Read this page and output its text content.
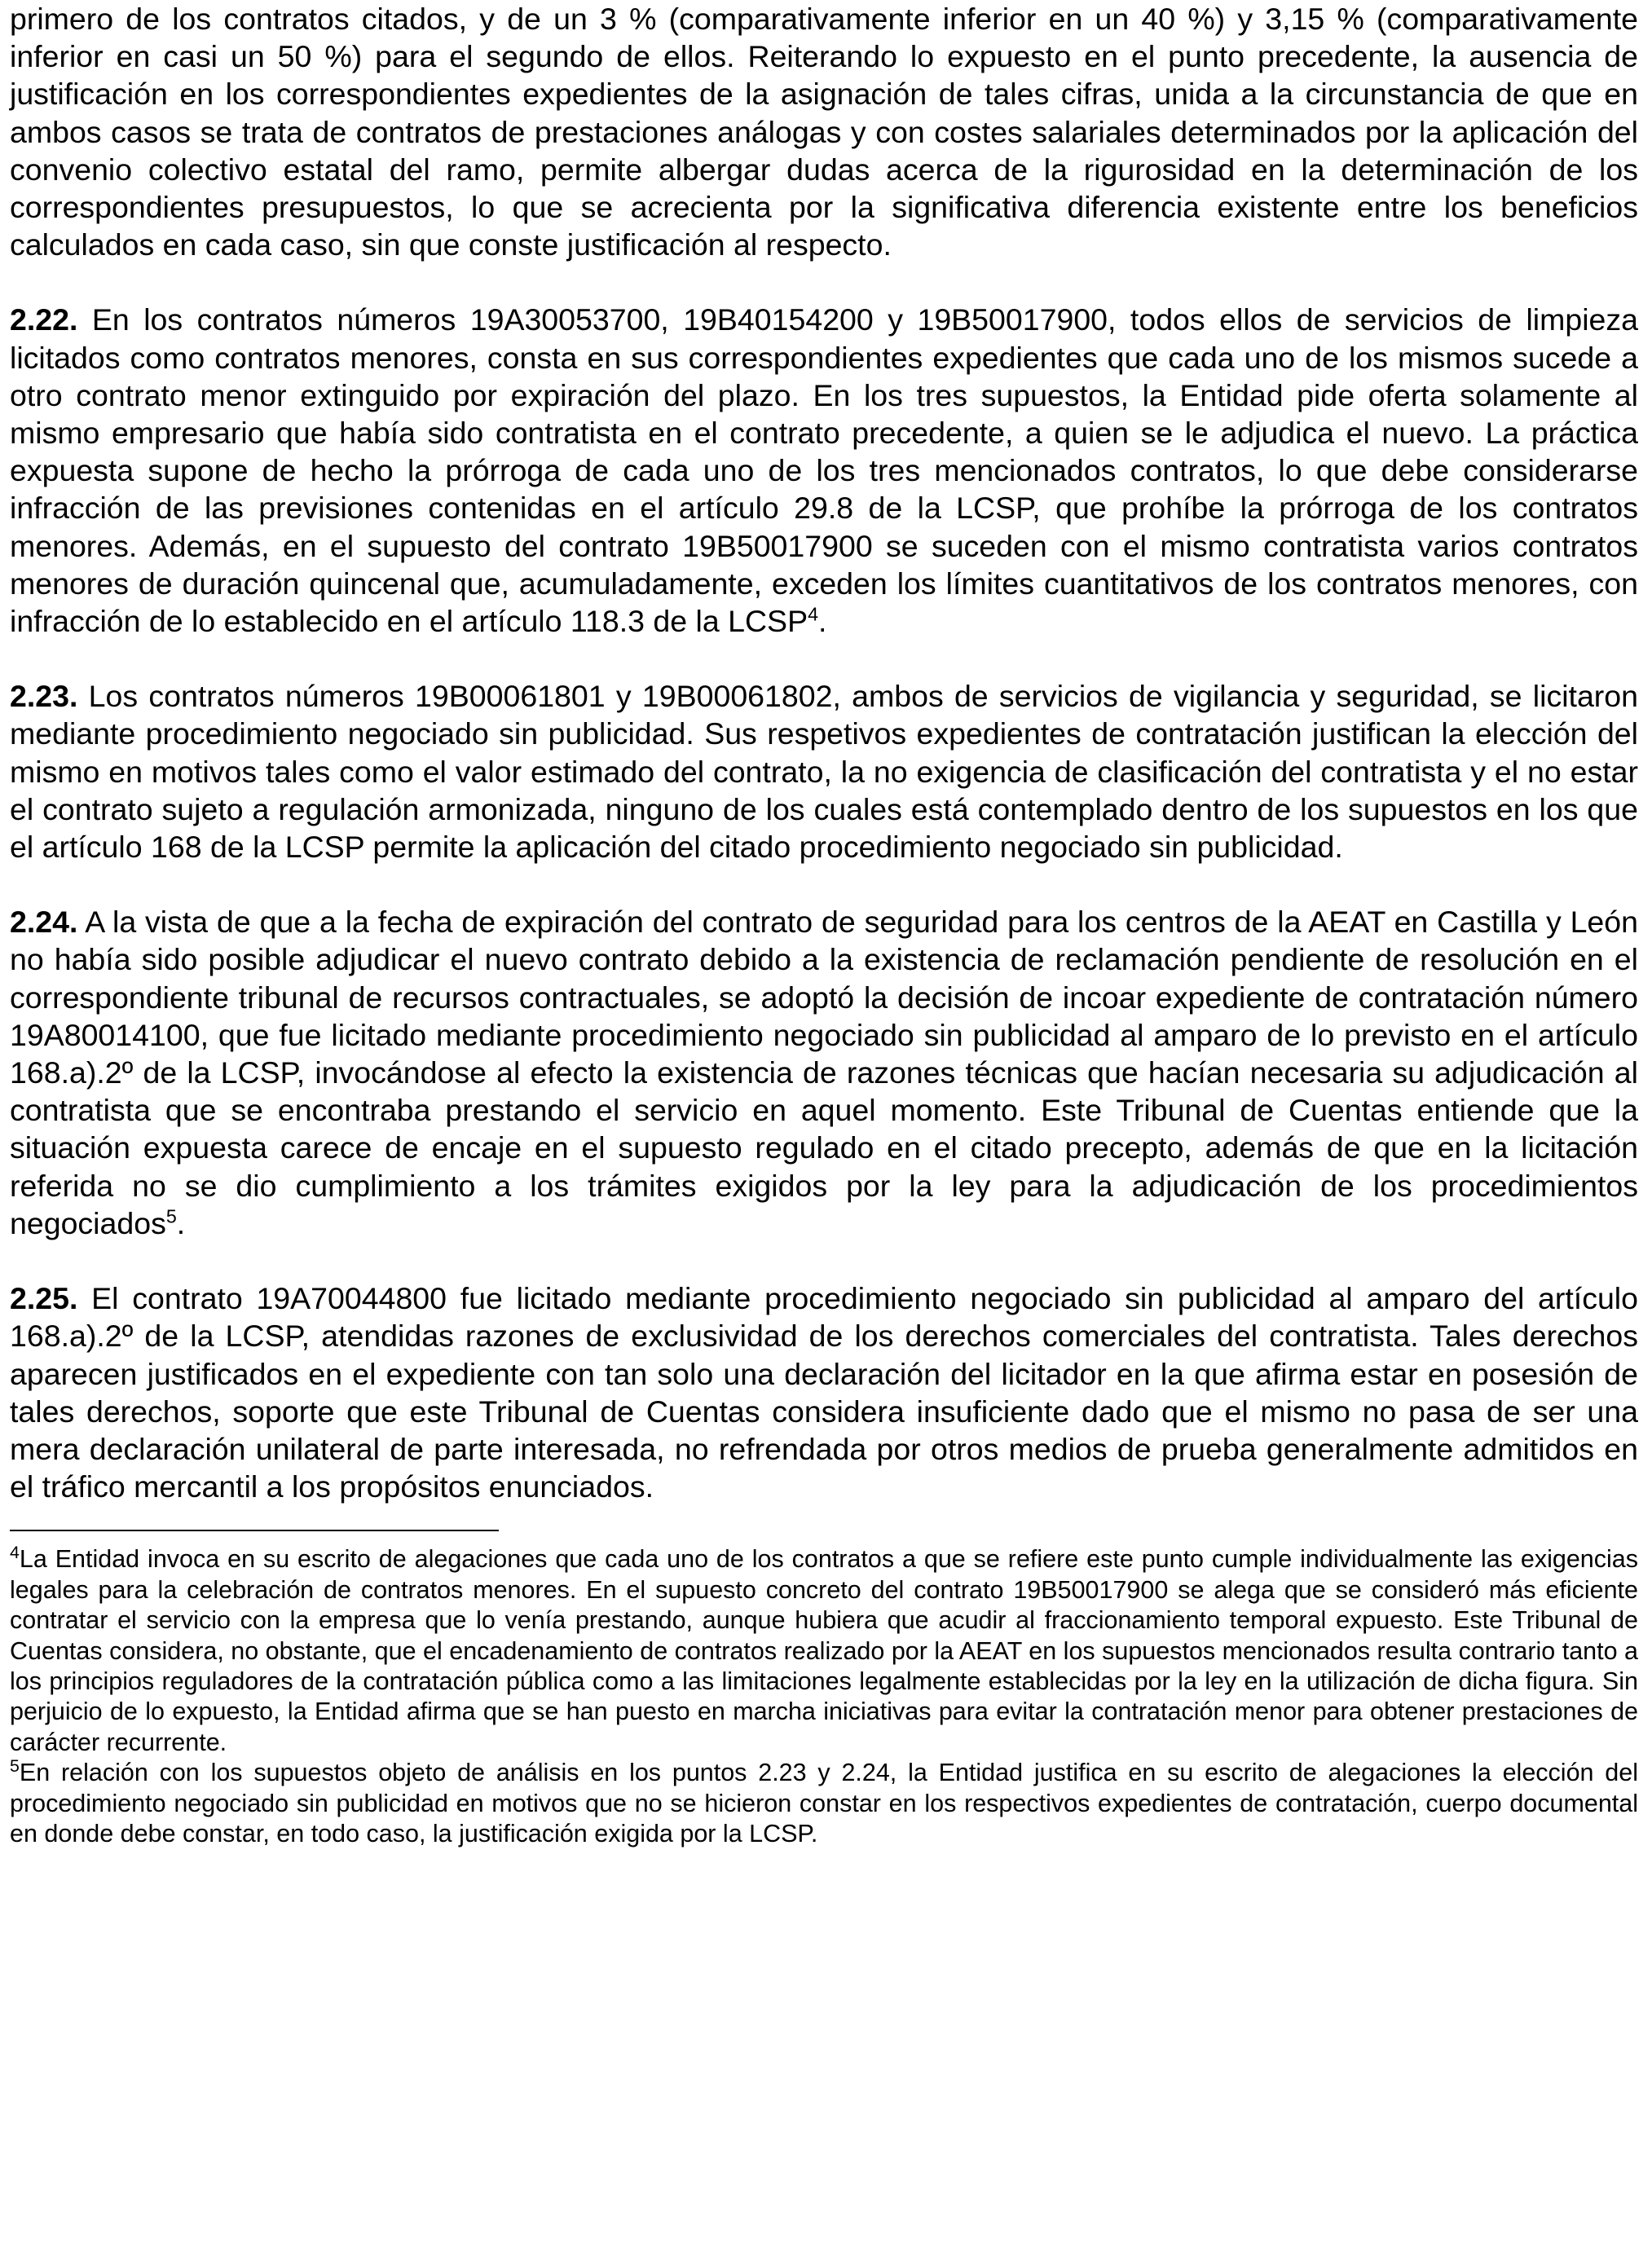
primero de los contratos citados, y de un 3 % (comparativamente inferior en un 40 %) y 3,15 % (comparativamente inferior en casi un 50 %) para el segundo de ellos. Reiterando lo expuesto en el punto precedente, la ausencia de justificación en los correspondientes expedientes de la asignación de tales cifras, unida a la circunstancia de que en ambos casos se trata de contratos de prestaciones análogas y con costes salariales determinados por la aplicación del convenio colectivo estatal del ramo, permite albergar dudas acerca de la rigurosidad en la determinación de los correspondientes presupuestos, lo que se acrecienta por la significativa diferencia existente entre los beneficios calculados en cada caso, sin que conste justificación al respecto.

2.22. En los contratos números 19A30053700, 19B40154200 y 19B50017900, todos ellos de servicios de limpieza licitados como contratos menores, consta en sus correspondientes expedientes que cada uno de los mismos sucede a otro contrato menor extinguido por expiración del plazo. En los tres supuestos, la Entidad pide oferta solamente al mismo empresario que había sido contratista en el contrato precedente, a quien se le adjudica el nuevo. La práctica expuesta supone de hecho la prórroga de cada uno de los tres mencionados contratos, lo que debe considerarse infracción de las previsiones contenidas en el artículo 29.8 de la LCSP, que prohíbe la prórroga de los contratos menores. Además, en el supuesto del contrato 19B50017900 se suceden con el mismo contratista varios contratos menores de duración quincenal que, acumuladamente, exceden los límites cuantitativos de los contratos menores, con infracción de lo establecido en el artículo 118.3 de la LCSP$^4$.

2.23. Los contratos números 19B00061801 y 19B00061802, ambos de servicios de vigilancia y seguridad, se licitaron mediante procedimiento negociado sin publicidad. Sus respetivos expedientes de contratación justifican la elección del mismo en motivos tales como el valor estimado del contrato, la no exigencia de clasificación del contratista y el no estar el contrato sujeto a regulación armonizada, ninguno de los cuales está contemplado dentro de los supuestos en los que el artículo 168 de la LCSP permite la aplicación del citado procedimiento negociado sin publicidad.

2.24. A la vista de que a la fecha de expiración del contrato de seguridad para los centros de la AEAT en Castilla y León no había sido posible adjudicar el nuevo contrato debido a la existencia de reclamación pendiente de resolución en el correspondiente tribunal de recursos contractuales, se adoptó la decisión de incoar expediente de contratación número 19A80014100, que fue licitado mediante procedimiento negociado sin publicidad al amparo de lo previsto en el artículo 168.a).2º de la LCSP, invocándose al efecto la existencia de razones técnicas que hacían necesaria su adjudicación al contratista que se encontraba prestando el servicio en aquel momento. Este Tribunal de Cuentas entiende que la situación expuesta carece de encaje en el supuesto regulado en el citado precepto, además de que en la licitación referida no se dio cumplimiento a los trámites exigidos por la ley para la adjudicación de los procedimientos negociados$^5$.

2.25. El contrato 19A70044800 fue licitado mediante procedimiento negociado sin publicidad al amparo del artículo 168.a).2º de la LCSP, atendidas razones de exclusividad de los derechos comerciales del contratista. Tales derechos aparecen justificados en el expediente con tan solo una declaración del licitador en la que afirma estar en posesión de tales derechos, soporte que este Tribunal de Cuentas considera insuficiente dado que el mismo no pasa de ser una mera declaración unilateral de parte interesada, no refrendada por otros medios de prueba generalmente admitidos en el tráfico mercantil a los propósitos enunciados.

$^4$La Entidad invoca en su escrito de alegaciones que cada uno de los contratos a que se refiere este punto cumple individualmente las exigencias legales para la celebración de contratos menores. En el supuesto concreto del contrato 19B50017900 se alega que se consideró más eficiente contratar el servicio con la empresa que lo venía prestando, aunque hubiera que acudir al fraccionamiento temporal expuesto. Este Tribunal de Cuentas considera, no obstante, que el encadenamiento de contratos realizado por la AEAT en los supuestos mencionados resulta contrario tanto a los principios reguladores de la contratación pública como a las limitaciones legalmente establecidas por la ley en la utilización de dicha figura. Sin perjuicio de lo expuesto, la Entidad afirma que se han puesto en marcha iniciativas para evitar la contratación menor para obtener prestaciones de carácter recurrente.

$^5$En relación con los supuestos objeto de análisis en los puntos 2.23 y 2.24, la Entidad justifica en su escrito de alegaciones la elección del procedimiento negociado sin publicidad en motivos que no se hicieron constar en los respectivos expedientes de contratación, cuerpo documental en donde debe constar, en todo caso, la justificación exigida por la LCSP.
